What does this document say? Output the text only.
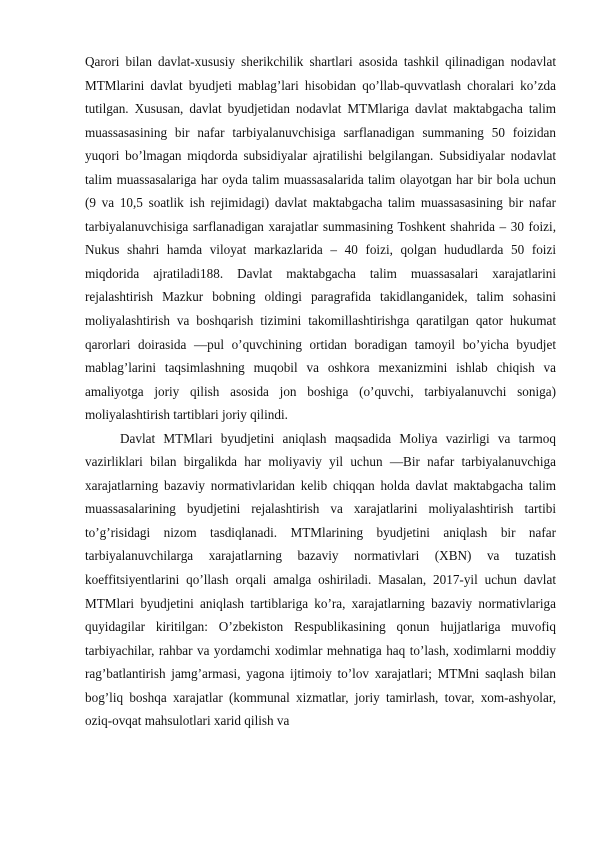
Qarori bilan davlat-xususiy sherikchilik shartlari asosida tashkil qilinadigan nodavlat MTMlarini davlat byudjeti mablag’lari hisobidan qo’llab-quvvatlash choralari ko’zda tutilgan. Xususan, davlat byudjetidan nodavlat MTMlariga davlat maktabgacha talim muassasasining bir nafar tarbiyalanuvchisiga sarflanadigan summaning 50 foizidan yuqori bo’lmagan miqdorda subsidiyalar ajratilishi belgilangan. Subsidiyalar nodavlat talim muassasalariga har oyda talim muassasalarida talim olayotgan har bir bola uchun (9 va 10,5 soatlik ish rejimidagi) davlat maktabgacha talim muassasasining bir nafar tarbiyalanuvchisiga sarflanadigan xarajatlar summasining Toshkent shahrida – 30 foizi, Nukus shahri hamda viloyat markazlarida – 40 foizi, qolgan hududlarda 50 foizi miqdorida ajratiladi188. Davlat maktabgacha talim muassasalari xarajatlarini rejalashtirish Mazkur bobning oldingi paragrafida takidlanganidek, talim sohasini moliyalashtirish va boshqarish tizimini takomillashtirishga qaratilgan qator hukumat qarorlari doirasida ―pul o’quvchining ortidan boradigan tamoyil bo’yicha byudjet mablag’larini taqsimlashning muqobil va oshkora mexanizmini ishlab chiqish va amaliyotga joriy qilish asosida jon boshiga (o’quvchi, tarbiyalanuvchi soniga) moliyalashtirish tartiblari joriy qilindi.

Davlat MTMlari byudjetini aniqlash maqsadida Moliya vazirligi va tarmoq vazirliklari bilan birgalikda har moliyaviy yil uchun ―Bir nafar tarbiyalanuvchiga xarajatlarning bazaviy normativlaridan kelib chiqqan holda davlat maktabgacha talim muassasalarining byudjetini rejalashtirish va xarajatlarini moliyalashtirish tartibi to’g’risidagi nizom tasdiqlanadi. MTMlarining byudjetini aniqlash bir nafar tarbiyalanuvchilarga xarajatlarning bazaviy normativlari (XBN) va tuzatish koeffitsiyentlarini qo’llash orqali amalga oshiriladi. Masalan, 2017-yil uchun davlat MTMlari byudjetini aniqlash tartiblariga ko’ra, xarajatlarning bazaviy normativlariga quyidagilar kiritilgan: O’zbekiston Respublikasining qonun hujjatlariga muvofiq tarbiyachilar, rahbar va yordamchi xodimlar mehnatiga haq to’lash, xodimlarni moddiy rag’batlantirish jamg’armasi, yagona ijtimoiy to’lov xarajatlari; MTMni saqlash bilan bog’liq boshqa xarajatlar (kommunal xizmatlar, joriy tamirlash, tovar, xom-ashyolar, oziq-ovqat mahsulotlari xarid qilish va
